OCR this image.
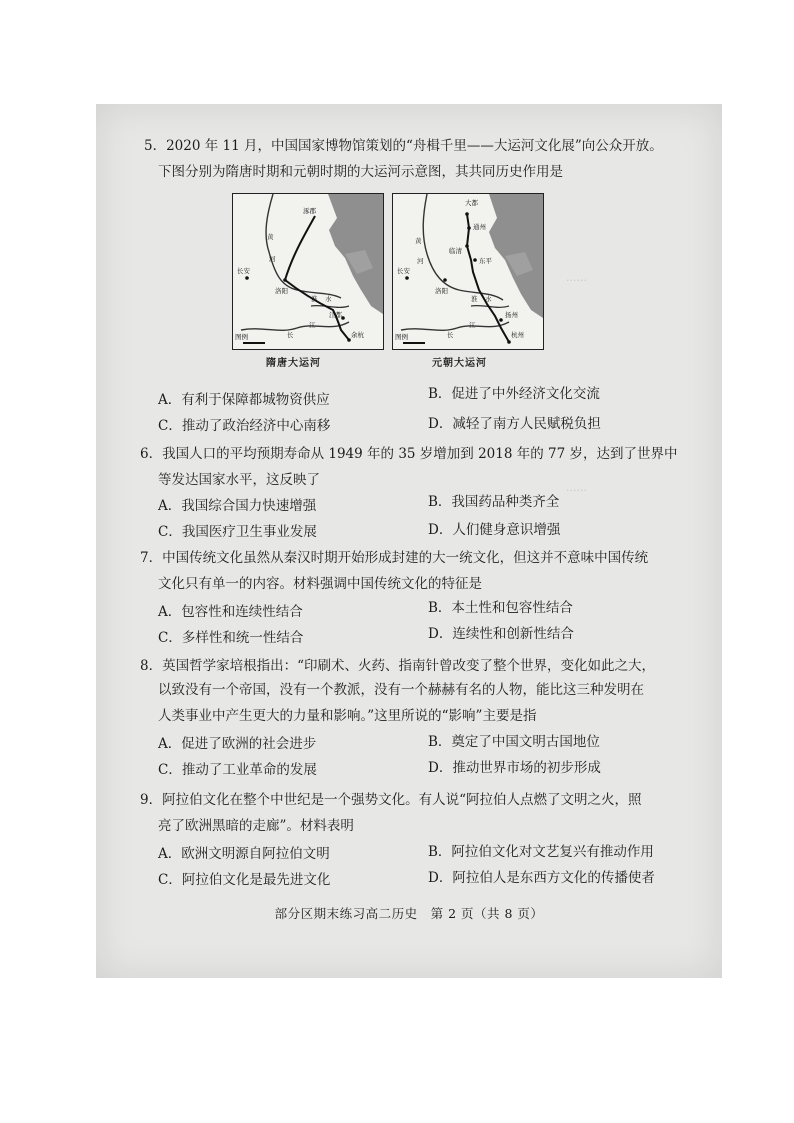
······
······
5．2020 年 11 月，中国国家博物馆策划的“舟楫千里——大运河文化展”向公众开放。
下图分别为隋唐时期和元朝时期的大运河示意图，其共同历史作用是
涿郡
黄
河
长安
洛阳
淮 水
江都
长
江
余杭
图例
隋唐大运河
大都
通州
临清
东平
黄
河
长安
洛阳
淮 水
扬州
长
江
杭州
图例
元朝大运河
A．有利于保障都城物资供应	B．促进了中外经济文化交流
C．推动了政治经济中心南移	D．减轻了南方人民赋税负担
6．我国人口的平均预期寿命从 1949 年的 35 岁增加到 2018 年的 77 岁，达到了世界中
等发达国家水平，这反映了
A．我国综合国力快速增强	B．我国药品种类齐全
C．我国医疗卫生事业发展	D．人们健身意识增强
7．中国传统文化虽然从秦汉时期开始形成封建的大一统文化，但这并不意味中国传统
文化只有单一的内容。材料强调中国传统文化的特征是
A．包容性和连续性结合	B．本土性和包容性结合
C．多样性和统一性结合	D．连续性和创新性结合
8．英国哲学家培根指出：“印刷术、火药、指南针曾改变了整个世界，变化如此之大，
以致没有一个帝国，没有一个教派，没有一个赫赫有名的人物，能比这三种发明在
人类事业中产生更大的力量和影响。”这里所说的“影响”主要是指
A．促进了欧洲的社会进步	B．奠定了中国文明古国地位
C．推动了工业革命的发展	D．推动世界市场的初步形成
9．阿拉伯文化在整个中世纪是一个强势文化。有人说“阿拉伯人点燃了文明之火，照
亮了欧洲黑暗的走廊”。材料表明
A．欧洲文明源自阿拉伯文明	B．阿拉伯文化对文艺复兴有推动作用
C．阿拉伯文化是最先进文化	D．阿拉伯人是东西方文化的传播使者
部分区期末练习高二历史　第 2 页（共 8 页）
